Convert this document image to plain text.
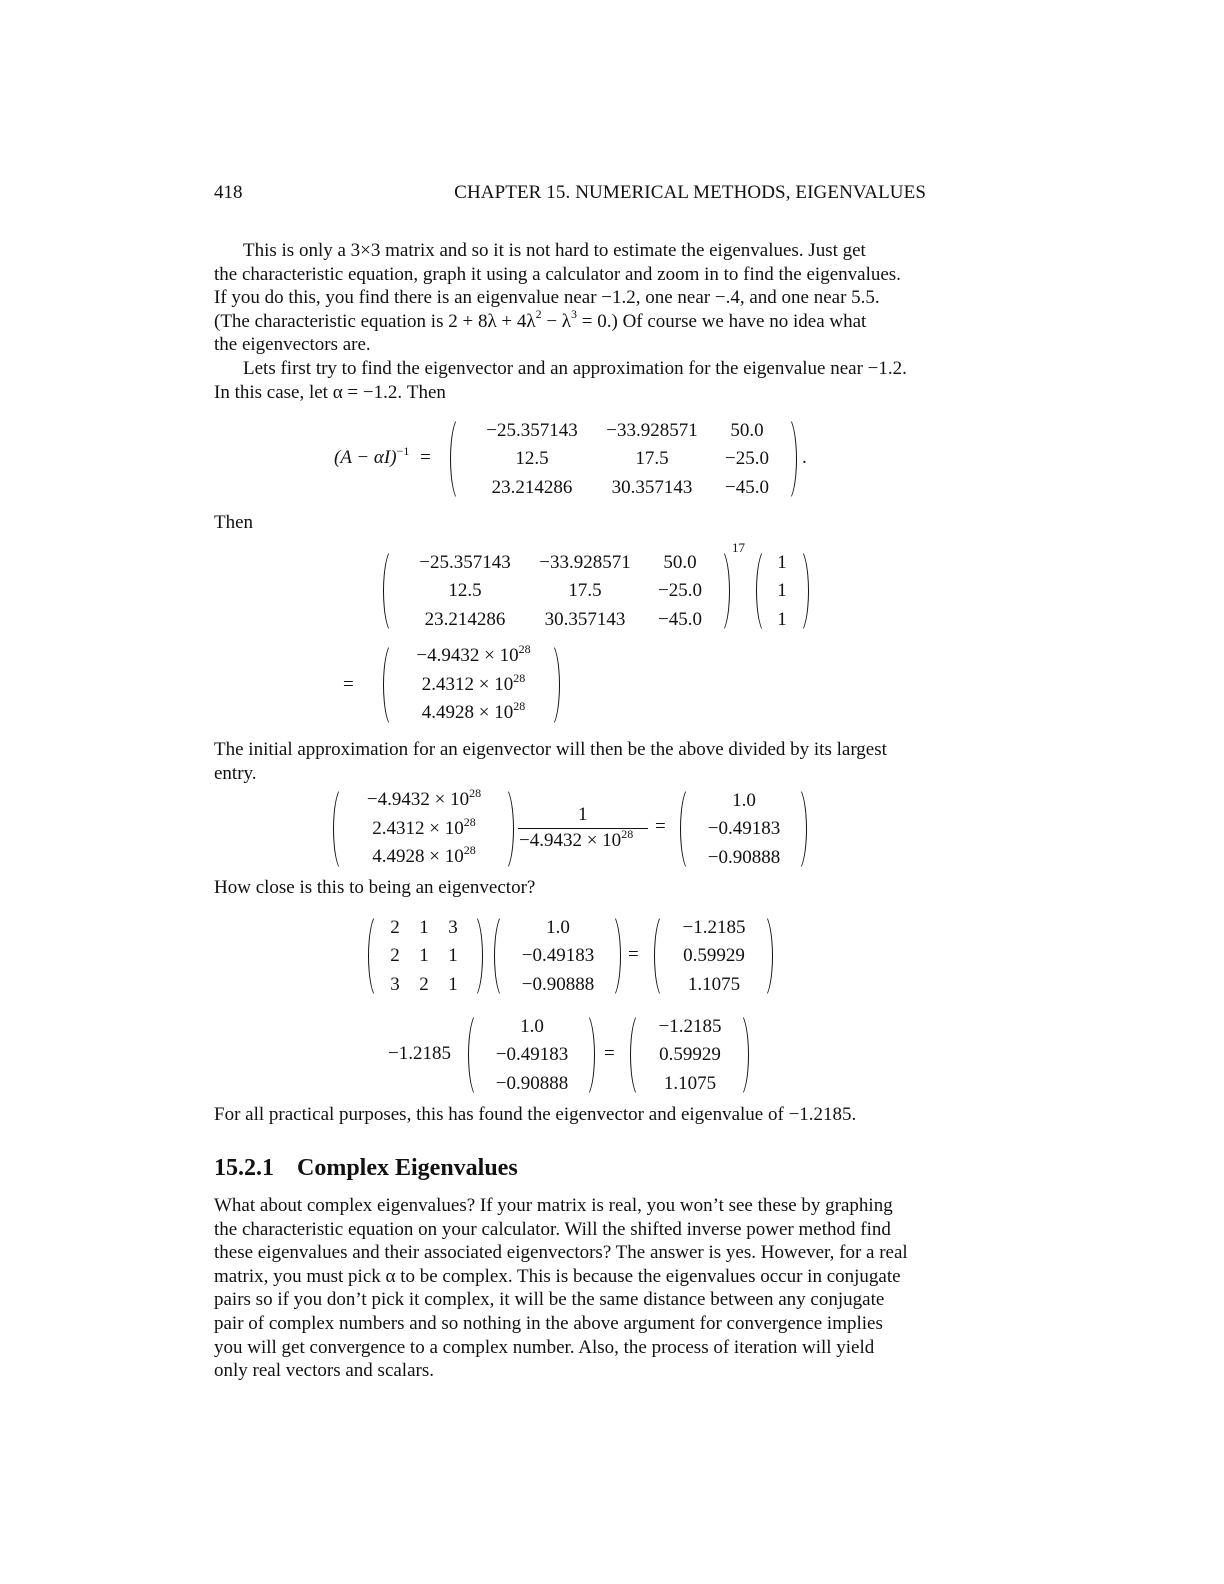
418	CHAPTER 15. NUMERICAL METHODS, EIGENVALUES
This is only a 3×3 matrix and so it is not hard to estimate the eigenvalues. Just get
the characteristic equation, graph it using a calculator and zoom in to find the eigenvalues.
If you do this, you find there is an eigenvalue near −1.2, one near −.4, and one near 5.5.
(The characteristic equation is $2 + 8\lambda + 4\lambda^2 - \lambda^3 = 0$.) Of course we have no idea what
the eigenvectors are.
Lets first try to find the eigenvector and an approximation for the eigenvalue near −1.2.
In this case, let α = −1.2. Then
$(A - \alpha I)^{-1}$ =
−25.357143	−33.928571	50.0
12.5	17.5	−25.0
23.214286	30.357143	−45.0
.
Then
−25.357143	−33.928571	50.0
12.5	17.5	−25.0
23.214286	30.357143	−45.0
17
1
1
1
=
$-4.9432 \times 10^{28}$
$2.4312 \times 10^{28}$
$4.4928 \times 10^{28}$
The initial approximation for an eigenvector will then be the above divided by its largest
entry.
$-4.9432 \times 10^{28}$
$2.4312 \times 10^{28}$
$4.4928 \times 10^{28}$
1
$-4.9432 \times 10^{28}$ =
1.0
−0.49183
−0.90888
How close is this to being an eigenvector?
2	1	3
2	1	1
3	2	1
1.0
−0.49183
−0.90888
=
−1.2185
0.59929
1.1075
−1.2185
1.0
−0.49183
−0.90888
=
−1.2185
0.59929
1.1075
For all practical purposes, this has found the eigenvector and eigenvalue of −1.2185.
15.2.1 Complex Eigenvalues
What about complex eigenvalues? If your matrix is real, you won’t see these by graphing
the characteristic equation on your calculator. Will the shifted inverse power method find
these eigenvalues and their associated eigenvectors? The answer is yes. However, for a real
matrix, you must pick α to be complex. This is because the eigenvalues occur in conjugate
pairs so if you don’t pick it complex, it will be the same distance between any conjugate
pair of complex numbers and so nothing in the above argument for convergence implies
you will get convergence to a complex number. Also, the process of iteration will yield
only real vectors and scalars.
